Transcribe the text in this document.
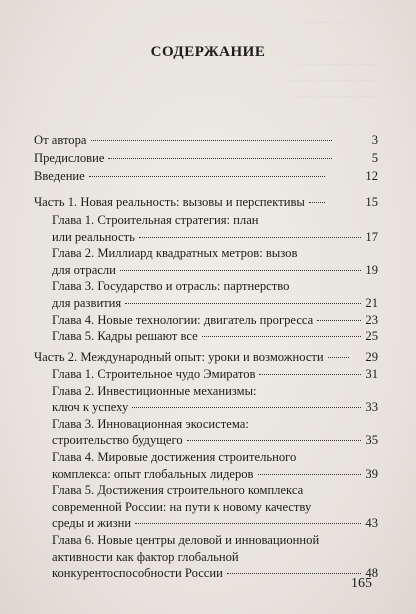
············
························
··························
························
СОДЕРЖАНИЕ
От автора	3
Предисловие	5
Введение	12
Часть 1. Новая реальность: вызовы и перспективы	15
Глава 1. Строительная стратегия: план
или реальность	17
Глава 2. Миллиард квадратных метров: вызов
для отрасли	19
Глава 3. Государство и отрасль: партнерство
для развития	21
Глава 4. Новые технологии: двигатель прогресса	23
Глава 5. Кадры решают все	25
Часть 2. Международный опыт: уроки и возможности	29
Глава 1. Строительное чудо Эмиратов	31
Глава 2. Инвестиционные механизмы:
ключ к успеху	33
Глава 3. Инновационная экосистема:
строительство будущего	35
Глава 4. Мировые достижения строительного
комплекса: опыт глобальных лидеров	39
Глава 5. Достижения строительного комплекса
современной России: на пути к новому качеству
среды и жизни	43
Глава 6. Новые центры деловой и инновационной
активности как фактор глобальной
конкурентоспособности России	48
165
